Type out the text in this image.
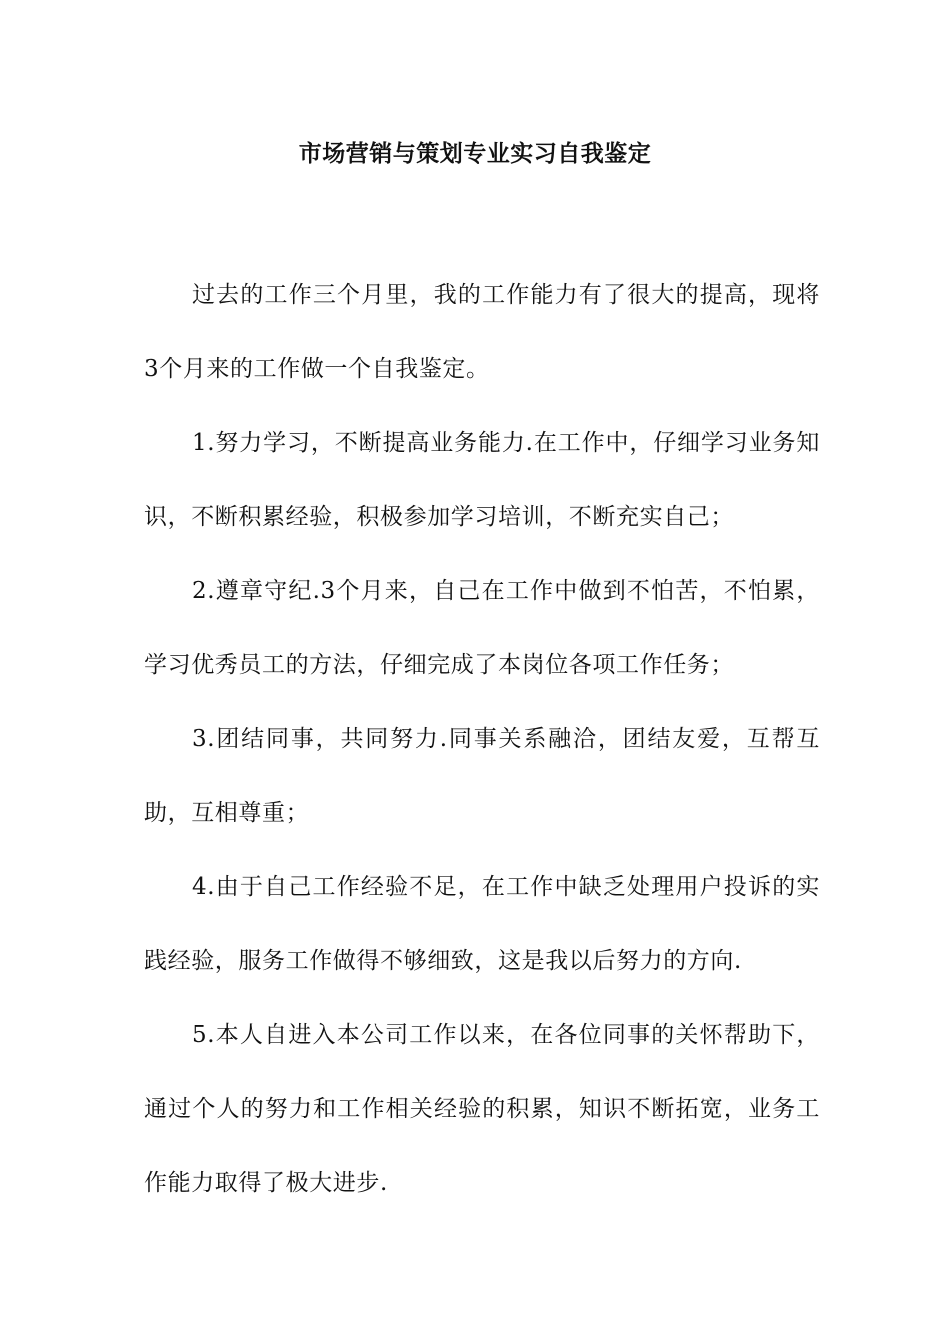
市场营销与策划专业实习自我鉴定

过去的工作三个月里，我的工作能力有了很大的提高，现将3个月来的工作做一个自我鉴定。

1.努力学习，不断提高业务能力.在工作中，仔细学习业务知识，不断积累经验，积极参加学习培训，不断充实自己；

2.遵章守纪.3个月来，自己在工作中做到不怕苦，不怕累，学习优秀员工的方法，仔细完成了本岗位各项工作任务；

3.团结同事，共同努力.同事关系融洽，团结友爱，互帮互助，互相尊重；

4.由于自己工作经验不足，在工作中缺乏处理用户投诉的实践经验，服务工作做得不够细致，这是我以后努力的方向.

5.本人自进入本公司工作以来，在各位同事的关怀帮助下，通过个人的努力和工作相关经验的积累，知识不断拓宽，业务工作能力取得了极大进步.
